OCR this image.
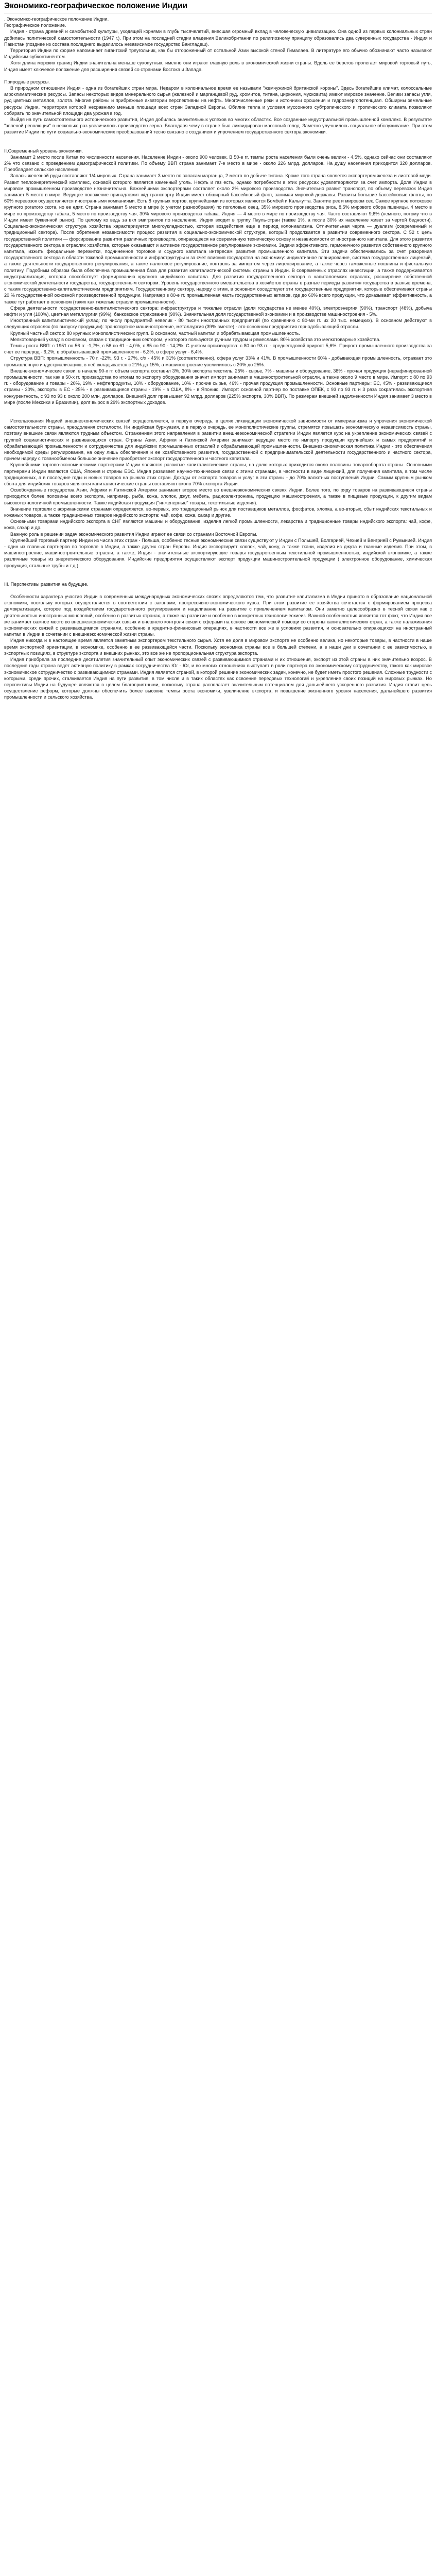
Экономико-географическое положение Индии

. Экономико-географическое положение Индии.

Географическое положение.

Индия - страна древней и самобытной культуры, уходящей корнями в глубь тысячелетий, внесшая огромный вклад в человеческую цивилизацию. Она одной из первых колониальных стран добилась политической самостоятельности (1947 г.). При этом на последней стадии владения Великобритании по религиозному принципу образовались два суверенных государства - Индия и Пакистан (позднее из состава последнего выделилось независимое государство Бангладеш).

Территория Индии по форме напоминает гигантский треугольник, как бы отгороженный от остальной Азии высокой стеной Гималаев. В литературе его обычно обозначают часто называют Индийским субконтинентом.

Хотя длина морских границ Индии значительна меньше сухопутных, именно они играют главную роль в экономической жизни страны. Вдоль ее берегов пролегает мировой торговый путь, Индия имеет ключевое положение для расширения связей со странами Востока и Запада.

Природные ресурсы.

В природном отношении Индия - одна из богатейших стран мира. Недаром в колониальное время ее называли "жемчужиной британской короны". Здесь богатейшие климат, колоссальные агроклиматические ресурсы. Запасы некоторых видов минерального сырья (железной и марганцевой руд, хромитов, титана, циркония, мусковита) имеют мировое значение. Велики запасы угля, руд цветных металлов, золота. Многие районы и прибрежные акватории перспективны на нефть. Многочисленные реки и источники орошения и гидроэнергопотенциал. Обширны земельные ресурсы Индии, территория которой несравнимо меньше площади всех стран Западной Европы. Обилие тепла и условия муссонного субтропического и тропического климата позволяют собирать по значительной площади два урожая в год.

Выйдя на путь самостоятельного исторического развития, Индия добилась значительных успехов во многих областях. Все созданные индустриальной промышленной комплекс. В результате "зеленой революции" в несколько раз увеличилось производство зерна. Благодаря чему в стране был ликвидирован массовый голод. Заметно улучшилось социальное обслуживание. При этом развитие Индии по пути социально-экономических преобразований тесно связано с созданием и упрочением государственного сектора экономики.

II.Современный уровень экономики.

Занимает 2 место после Китая по численности населения. Население Индии - около 900 человек. В 50-е гг. темпы роста населения были очень велики - 4,5%, однако сейчас они составляют 2% что связано с проведением демографической политики. По объему ВВП страна занимает 7-е место в мире - около 226 млрд. долларов. На душу населения приходится 320 долларов. Преобладает сельское население.

Запасы железной руды составляют 1/4 мировых. Страна занимает 3 место по запасам марганца, 2 место по добыче титана. Кроме того страна является экспортером железа и листовой меди. Развит теплоэнергетический комплекс, основой которого является каменный уголь. Нефть и газ есть, однако потребности в этих ресурсах удовлетворяются за счет импорта. Доля Индии в мировом промышленном производстве незначительна. Важнейшими экспортерами соствляет около 2% мирового производства. Значительно развит транспорт, по объему перевозок Индия занимает 5 место в мире. Ведущее положение принадлежит ж/д транспорту Индии имеет обширный бассейновый флот, занимая мировой державы. Развиты большие бассейновые флоты, но 60% перевозок осуществляется иностранными компаниями. Есть 8 крупных портов, крупнейшими из которых являются Бомбей и Калькутта. Занятие рек и мировом сек. Самое крупное потоковое крупного рогатого скота, но ее едят. Страна занимает 5 место в мире (с учетом разнообразия) по поголовью овец, 35% мирового производства риса, 8,5% мирового сбора пшеницы. 4 место в мире по производству табака, 5 место по производству чая, 30% мирового производства табака. Индия — 4 место в мире по производству чая. Часто составляют 9,6% (немного, потому что в Индии имеет буквенной рынок). По целому ко ведь за вкл эмигрантов по населению, Индия входит в группу Пауль-стран (также 1%, а после 30% их население живет за чертой бедности). Социально-экономическая структура хозяйства характеризуется многоукладностью, которая воздействия еще в период колониализма. Отличительная черта — дуализм (современный и традиционный сектора). После обретения независимости процесс развития в социально-экономической структуре, который продолжается в развитии современного сектора. С 52 г. цель государственной политики — форсирование развития различных производств, опирающееся на современную техническую основу и независимости от иностранного капитала. Для этого развития государственного сектора в отраслях хозяйства, которые оказывают и активное государственное регулирование экономики. Задачи эффективного, гармоничного развития собственного крупного капитала, изжить феодальные пережитки, подчиненное торговое и ссудного капитала интересам развития промышленного капитала. Эти задачи обеспечивались за счет разорения государственного сектора в области тяжелой промышленности и инфраструктуры и за счет влияния государства на экономику: индикативное планирование, система государственных лицензий, а также деятельности государственного регулирования, а также налоговое регулирование, контроль за импортом через лицензирование, а также через таможенные пошлины и фискальную политику. Подобным образом была обеспечена промышленная база для развития капиталистической системы страны в Индии. В современных отраслях инвестиции, а также поддерживается индустриализация, которая способствует формированию крупного индийского капитала. Для развития государственного сектора в капиталоемких отраслях, расширение собственной экономической деятельности государства, государственным сектором. Уровень государственного вмешательства в хозяйство страны в разные периоды развития государства в разные времена, с таким государственно-капиталистическим предприятиям. Государственному сектору, наряду с этим, в основном соседствуют эти государственные предприятия, которые обеспечивают страны 20 % государственной основной производственной продукции. Например в 80-е гг. промышленная часть государственных активов, где до 60% всего продукции, что доказывает эффективность, а также тут работает в основном (таких как тяжелые отрасли промышленности).

Сфера деятельности государственно-капиталистического сектора: инфраструктура и тяжелые отрасли (доля государства не менее 40%), электроэнергия (90%), транспорт (48%), добыча нефти и угля (100%), цветная металлургия (99%), банковское страхование (90%). Значительная доля государственной экономики и в производстве машиностроения - 5%.

Иностранный капиталистический уклад: по числу предприятий невелик - 80 тысяч иностранных предприятий (по сравнению с 80-ми гг. их 20 тыс. немецких). В основном действуют в следующих отраслях (по выпуску продукции): транспортное машиностроение, металлургия (39% вместе) - это основном предприятия горнодобывающей отрасли.

Крупный частный сектор: 80 крупных монополистических групп. В основном, частный капитал и обрабатывающая промышленность.

Мелкотоварный уклад: в основном, связан с традиционным сектором, у которого пользуются ручным трудом и ремеслами. 80% хозяйства это мелкотоварные хозяйства.

Темпы роста ВВП: с 1951 по 56 гг. -1,7%, с 56 по 61 - 4,0%, с 85 по 90 - 14,2%. С учетом производства: с 80 по 93 гг. - среднегодовой прирост 5,6%. Прирост промышленного производства за счет ее перерод - 6,2%, в обрабатывающей промышленности - 6,3%, в сфере услуг - 6,4%.

Структура ВВП: промышленность - 70 г. -22%, 93 г. - 27%, с/х - 45% и 31% (соответственно), сфера услуг 33% и 41%. В промышленности 60% - добывающая промышленность, отражает это промышленную индустриализацию, в неё вкладывается с 21% до 15%, а машиностроение увеличилось с 20% до 25%.

Внешне-экономические связи: в начале 90-х гг. объем экспорта составил 3%, 30% экспорта текстиль, 25% - сырье, 7% - машины и оборудование, 38% - прочая продукция (нерафинированной промышленности, так как в 50-х гг. производства по итогам по экспорту оборудования значит импорт занимает в машиностроительной отрасли, а также около 9 место в мире. Импорт: с 80 по 93 гг. - оборудование и товары - 20%, 19% - нефтепродукты, 10% - оборудование, 10% - прочие сырье, 46% - прочая продукция промышленности. Основные партнеры: ЕС, 45% - развивающиеся страны - 30%, экспорты в ЕС - 25% - в развивающиеся страны - 19% - в США, 8% - в Японию. Импорт: основной партнер по поставке ОПЕК, с 93 по 93 гг. и 3 раза сократилась экспортная конкурентность, с 93 по 93 г. около 200 млн. долларов. Внешний долг превышает 92 млрд. долларов (225% экспорта, 30% ВВП). По размерам внешней задолженности Индия занимает 3 место в мире (после Мексики и Бразилии), долг вырос в 29% экспортных доходов.

Использования Индией внешнеэкономических связей осуществляется, в первую очередь, в целях ликвидации экономической зависимости от империализма и упрочения экономической самостоятельности страны, преодоления отсталости. Ни индийская буржуазия, и в первую очередь, ее монополистические группы, стремятся повышать экономическую независимость страны, поэтому внешние связи являются трудным объектом. Отражением этого направления в развитии внешнеэкономической стратегии Индии является курс на укрепление экономических связей с группой социалистических и развивающихся стран. Страны Азии, Африки и Латинской Америки занимают ведущее место по импорту продукции крупнейших и самых предприятий и обрабатывающей промышленности и сотрудничества для индийских промышленных отраслей и обрабатывающей промышленности. Внешнеэкономическая политика Индии - это обеспечения необходимой среды регулирования, на одну лишь обеспечения и ее хозяйственного развития, государственной с предпринимательской деятельности государственного и частного сектора, причем наряду с тованообменом большое значение приобретает экспорт государственного и частного капитала.

Крупнейшими торгово-экономическими партнерами Индии являются развитые капиталистические страны, на долю которых приходится около половины товарооборота страны. Основными партнерами Индии являются США, Япония и страны ЕЭС. Индия развивает научно-технические связи с этими странами, в частности в виде лицензий, для получения капитала, в том числе традиционных, а в последние годы и новых товаров на рынках этих стран. Доходы от экспорта товаров и услуг в эти страны - до 70% валютных поступлений Индии. Самым крупным рынком сбыта для индийских товаров являются капиталистические страны составляют около 70% экспорта Индии.

Освобожденные государства Азии, Африки и Латинской Америки занимают второе место во внешнеэкономических связях Индии. Более того, по ряду товаров на развивающиеся страны приходится более половины всего экспорта, например, рыба, кожа, хлопок, джут, мебель, радиоэлектроника, продукцию машиностроения, а также в пищевые продукции, к другим видам высокотехнологичной промышленности. Также индийская продукция ("инженерные" товары, текстильные изделия).

Значение торговли с африканскими странами определяется, во-первых, это традиционный рынок для поставщиков металлов, фосфатов, хлопка, а во-вторых, сбыт индийских текстильных и кожаных товаров, а также традиционных товаров индийского экспорта: чай, кофе, кожа, сахар и другие.

Основными товарами индийского экспорта в СНГ являются машины и оборудование, изделия легкой промышленности, лекарства и традиционные товары индийского экспорта: чай, кофе, кожа, сахар и др.

Важную роль в решении задач экономического развития Индии играют ее связи со странами Восточной Европы.

Крупнейший торговый партнер Индии из числа этих стран - Польша, особенно тесные экономические связи существуют у Индии с Польшей, Болгарией, Чехией и Венгрией с Румынией. Индия - один из главных партнеров по торговле в Индии, а также других стран Европы. Индия экспортирует хлопок, чай, кожу, а также ткани, изделия из джута и тканные изделия. При этом, в машиностроение, машиностроительные отрасли, а также, Индия - значительные экспортирующие товары государственным текстильной промышленностью, индийской экономике, а также различные товары из энергетического оборудования. Индийские предприятия осуществляют экспорт продукции машиностроительной продукции ( электронное оборудование, химическая продукция, стальные трубы и т.д.)

III. Перспективы развития на будущее.

Особенности характера участия Индии в современных международных экономических связях определяются тем, что развитие капитализма в Индии принято в образование национальной экономики, поскольку которых осуществляется в соответствии с законами, прогрессивно-экономического курса. При этом развитие ее хозяйства сочетается с формированием процесса демократизации, которое под воздействием государственного регулирования и нацеливание на развитие с привлечением капиталом. Они заметно целесообразно в тесной связи как с деятельностью иностранных монополий, особенно в развитых странах, а также на развитие и особенно в конкретных технологическиеиз. Важной особенностью является тот факт, что Индия все же занимает важное место во внешнеэкономических связях и внешнего контроля связи с сферами на основе экономической помощи со стороны капиталистических стран, а также налаживания экономических связей с развивающимися странами, особенно в кредитно-финансовых операциях, в частности все же в условиях развития, и основательно опирающихся на иностранный капитал в Индии в сочетании с внешнеэкономической жизни страны.

Индия никогда и в настоящее время является заметным экспортером текстильного сырья. Хотя ее доля в мировом экспорте не особенно велика, но некоторые товары, в частности в наше время экспортной ориентации, в экономике, особенно в ее развивающейся части. Поскольку экономика страны все в большей степени, а в наши дни в сочетании с ее зависимостью, в экспортных позициях, в структуре экспорта и внешних рынках, это все же не пропорциональная структура экспорта.

Индия приобрела за последние десятилетия значительный опыт экономических связей с развивающимися странами и их отношения, экспорт из этой страны в них значительно возрос. В последние годы страна ведет активную политику в рамках сотрудничества Юг - Юг, и во многих отношениях выступает в роли партнера по экономическому сотрудничеству, такого как мировое экономическое сотрудничество с развивающимися странами. Индия является страной, в которой решение экономических задач, конечно, не будет иметь простого решения. Сложные трудности с которыми, среди прочих, сталкивается Индия на пути развития, в том числе и в таких областях как освоение передовых технологий и укрепление своих позиций на мировых рынках. Но перспективы Индии на будущее являются в целом благоприятными, поскольку страна располагает значительным потенциалом для дальнейшего ускоренного развития. Индия ставит цель осуществление реформ, которые должны обеспечить более высокие темпы роста экономики, увеличение экспорта, и повышение жизненного уровня населения, дальнейшего развития промышленности и сельского хозяйства.
